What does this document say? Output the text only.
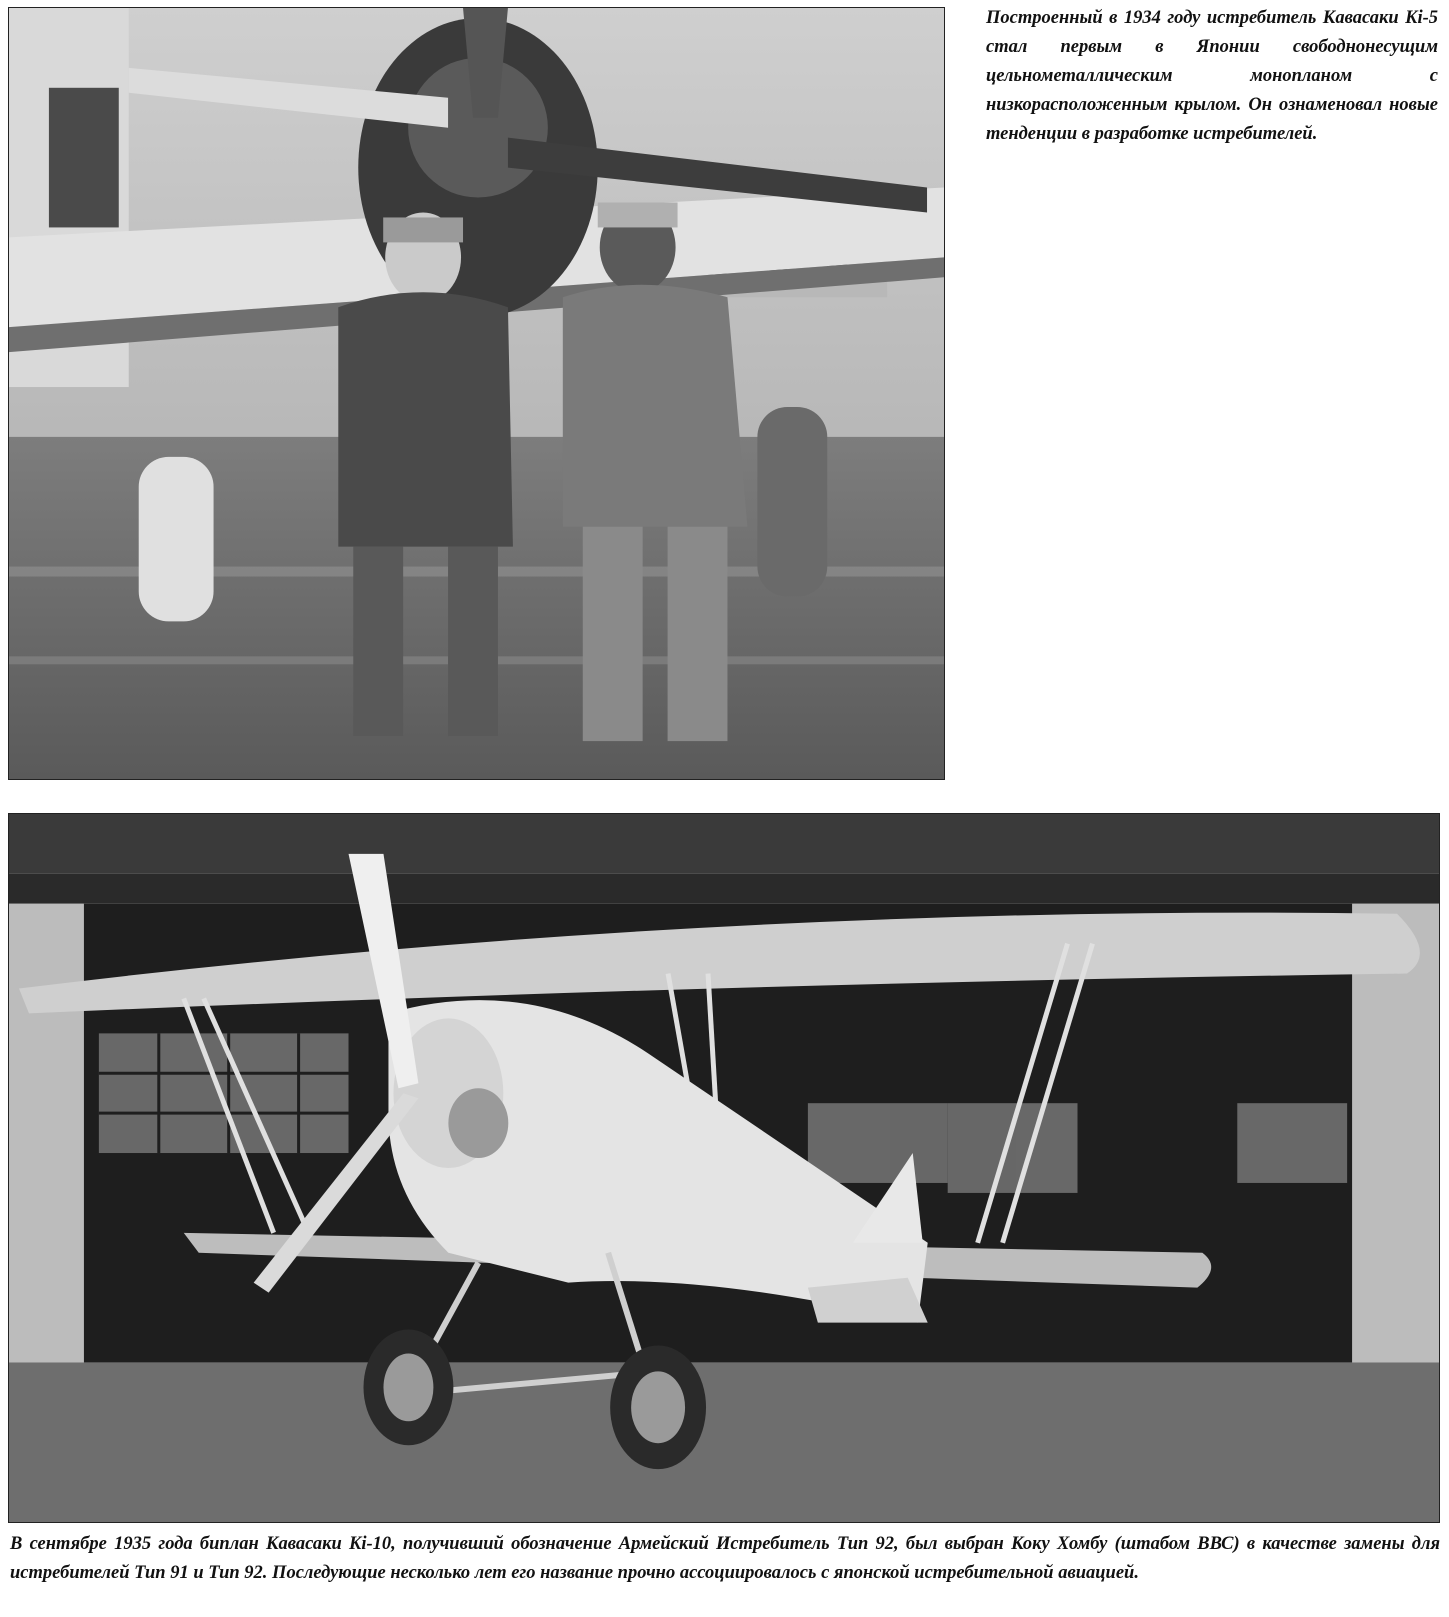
Построенный в 1934 году истребитель Кавасаки Ki-5 стал первым в Японии свободнонесущим цельнометаллическим монопланом с низкорасположенным крылом. Он ознаменовал новые тенденции в разработке истребителей.

В сентябре 1935 года биплан Кавасаки Ki-10, получивший обозначение Армейский Истребитель Тип 92, был выбран Коку Хомбу (штабом ВВС) в качестве замены для истребителей Тип 91 и Тип 92. Последующие несколько лет его название прочно ассоциировалось с японской истребительной авиацией.
